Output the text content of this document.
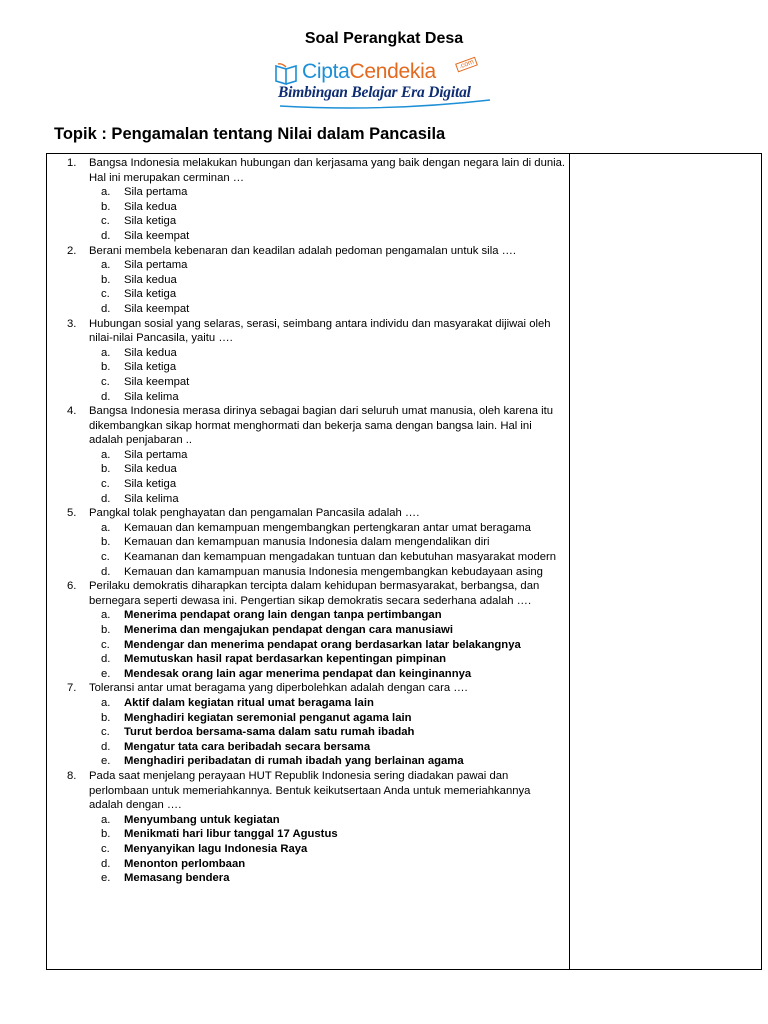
Soal Perangkat Desa
CiptaCendekia	.com
Bimbingan Belajar Era Digital
Topik : Pengamalan tentang Nilai dalam Pancasila
1. Bangsa Indonesia melakukan hubungan dan kerjasama yang baik dengan negara lain di dunia. Hal ini merupakan cerminan …
a. Sila pertama
b. Sila kedua
c. Sila ketiga
d. Sila keempat
2. Berani membela kebenaran dan keadilan adalah pedoman pengamalan untuk sila ….
a. Sila pertama
b. Sila kedua
c. Sila ketiga
d. Sila keempat
3. Hubungan sosial yang selaras, serasi, seimbang antara individu dan masyarakat dijiwai oleh nilai-nilai Pancasila, yaitu ….
a. Sila kedua
b. Sila ketiga
c. Sila keempat
d. Sila kelima
4. Bangsa Indonesia merasa dirinya sebagai bagian dari seluruh umat manusia, oleh karena itu dikembangkan sikap hormat menghormati dan bekerja sama dengan bangsa lain. Hal ini adalah penjabaran ..
a. Sila pertama
b. Sila kedua
c. Sila ketiga
d. Sila kelima
5. Pangkal tolak penghayatan dan pengamalan Pancasila adalah ….
a. Kemauan dan kemampuan mengembangkan pertengkaran antar umat beragama
b. Kemauan dan kemampuan manusia Indonesia dalam mengendalikan diri
c. Keamanan dan kemampuan mengadakan tuntuan dan kebutuhan masyarakat modern
d. Kemauan dan kamampuan manusia Indonesia mengembangkan kebudayaan asing
6. Perilaku demokratis diharapkan tercipta dalam kehidupan bermasyarakat, berbangsa, dan bernegara seperti dewasa ini. Pengertian sikap demokratis secara sederhana adalah ….
a. Menerima pendapat orang lain dengan tanpa pertimbangan
b. Menerima dan mengajukan pendapat dengan cara manusiawi
c. Mendengar dan menerima pendapat orang berdasarkan latar belakangnya
d. Memutuskan hasil rapat berdasarkan kepentingan pimpinan
e. Mendesak orang lain agar menerima pendapat dan keinginannya
7. Toleransi antar umat beragama yang diperbolehkan adalah dengan cara ….
a. Aktif dalam kegiatan ritual umat beragama lain
b. Menghadiri kegiatan seremonial penganut agama lain
c. Turut berdoa bersama-sama dalam satu rumah ibadah
d. Mengatur tata cara beribadah secara bersama
e. Menghadiri peribadatan di rumah ibadah yang berlainan agama
8. Pada saat menjelang perayaan HUT Republik Indonesia sering diadakan pawai dan perlombaan untuk memeriahkannya. Bentuk keikutsertaan Anda untuk memeriahkannya adalah dengan ….
a. Menyumbang untuk kegiatan
b. Menikmati hari libur tanggal 17 Agustus
c. Menyanyikan lagu Indonesia Raya
d. Menonton perlombaan
e. Memasang bendera
